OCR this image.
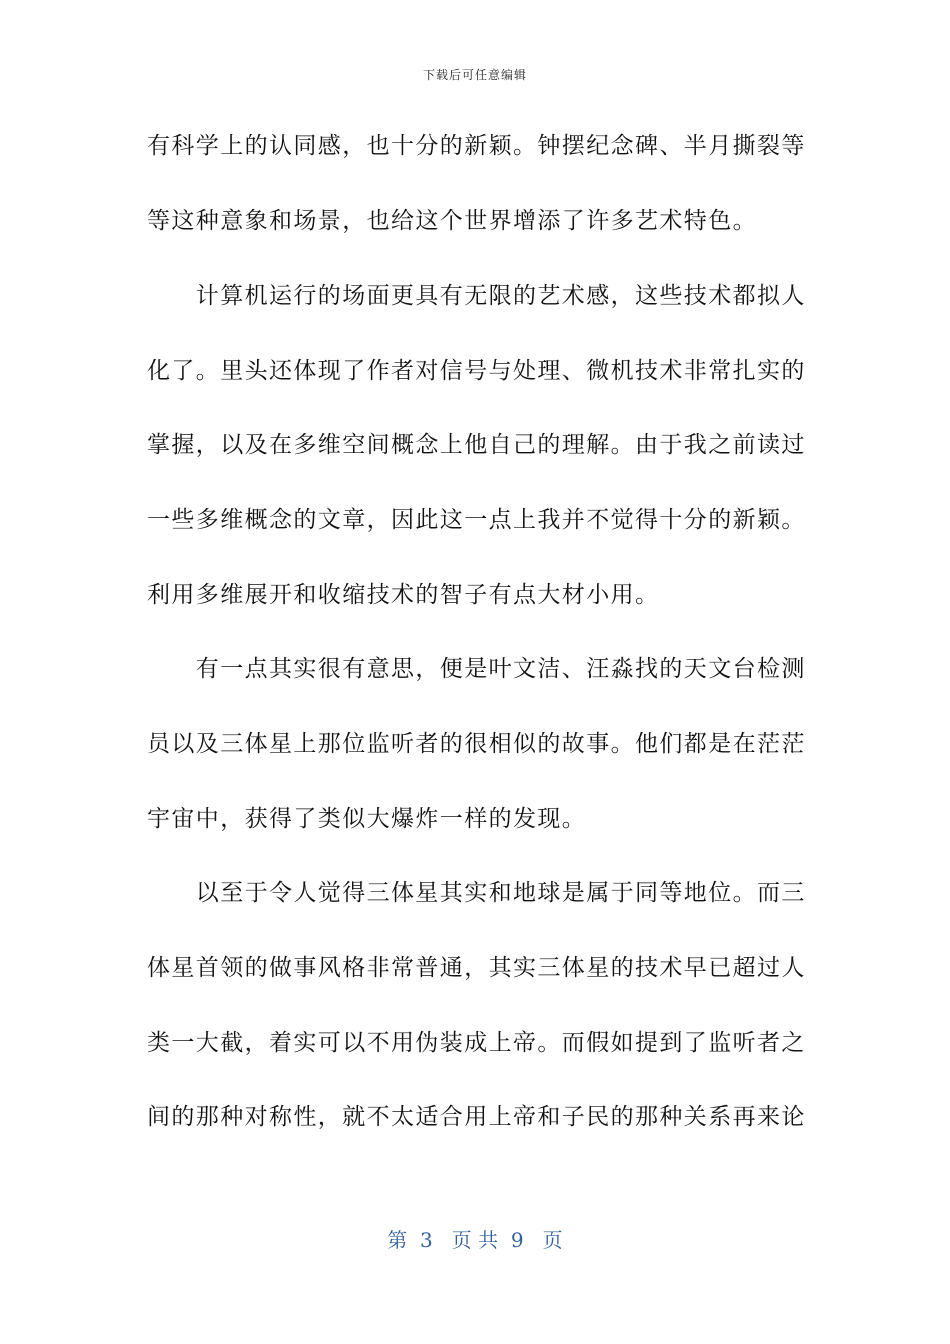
下载后可任意编辑
有科学上的认同感，也十分的新颖。钟摆纪念碑、半月撕裂等
等这种意象和场景，也给这个世界增添了许多艺术特色。
　　计算机运行的场面更具有无限的艺术感，这些技术都拟人
化了。里头还体现了作者对信号与处理、微机技术非常扎实的
掌握，以及在多维空间概念上他自己的理解。由于我之前读过
一些多维概念的文章，因此这一点上我并不觉得十分的新颖。
利用多维展开和收缩技术的智子有点大材小用。
　　有一点其实很有意思，便是叶文洁、汪淼找的天文台检测
员以及三体星上那位监听者的很相似的故事。他们都是在茫茫
宇宙中，获得了类似大爆炸一样的发现。
　　以至于令人觉得三体星其实和地球是属于同等地位。而三
体星首领的做事风格非常普通，其实三体星的技术早已超过人
类一大截，着实可以不用伪装成上帝。而假如提到了监听者之
间的那种对称性，就不太适合用上帝和子民的那种关系再来论
第  3   页 共  9   页
